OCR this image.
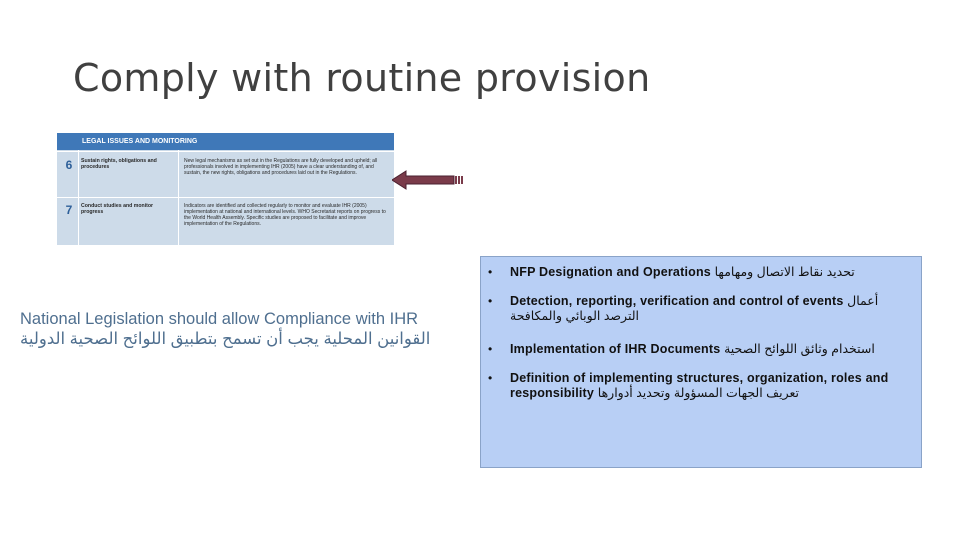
Comply with routine provision
LEGAL ISSUES AND MONITORING
6	Sustain rights, obligations and procedures
New legal mechanisms as set out in the Regulations are fully developed and upheld; all professionals involved in implementing IHR (2005) have a clear understanding of, and sustain, the new rights, obligations and procedures laid out in the Regulations.
7	Conduct studies and monitor progress
Indicators are identified and collected regularly to monitor and evaluate IHR (2005) implementation at national and international levels. WHO Secretariat reports on progress to the World Health Assembly. Specific studies are proposed to facilitate and improve implementation of the Regulations.
National Legislation should allow Compliance with IHR
القوانين المحلية يجب أن تسمح بتطبيق اللوائح الصحية الدولية
• NFP Designation and Operations تحديد نقاط الاتصال ومهامها
• Detection, reporting, verification and control of events أعمال الترصد الوبائي والمكافحة
• Implementation of IHR Documents استخدام وثائق اللوائح الصحية
• Definition of implementing structures, organization, roles and responsibility تعريف الجهات المسؤولة وتحديد أدوارها
